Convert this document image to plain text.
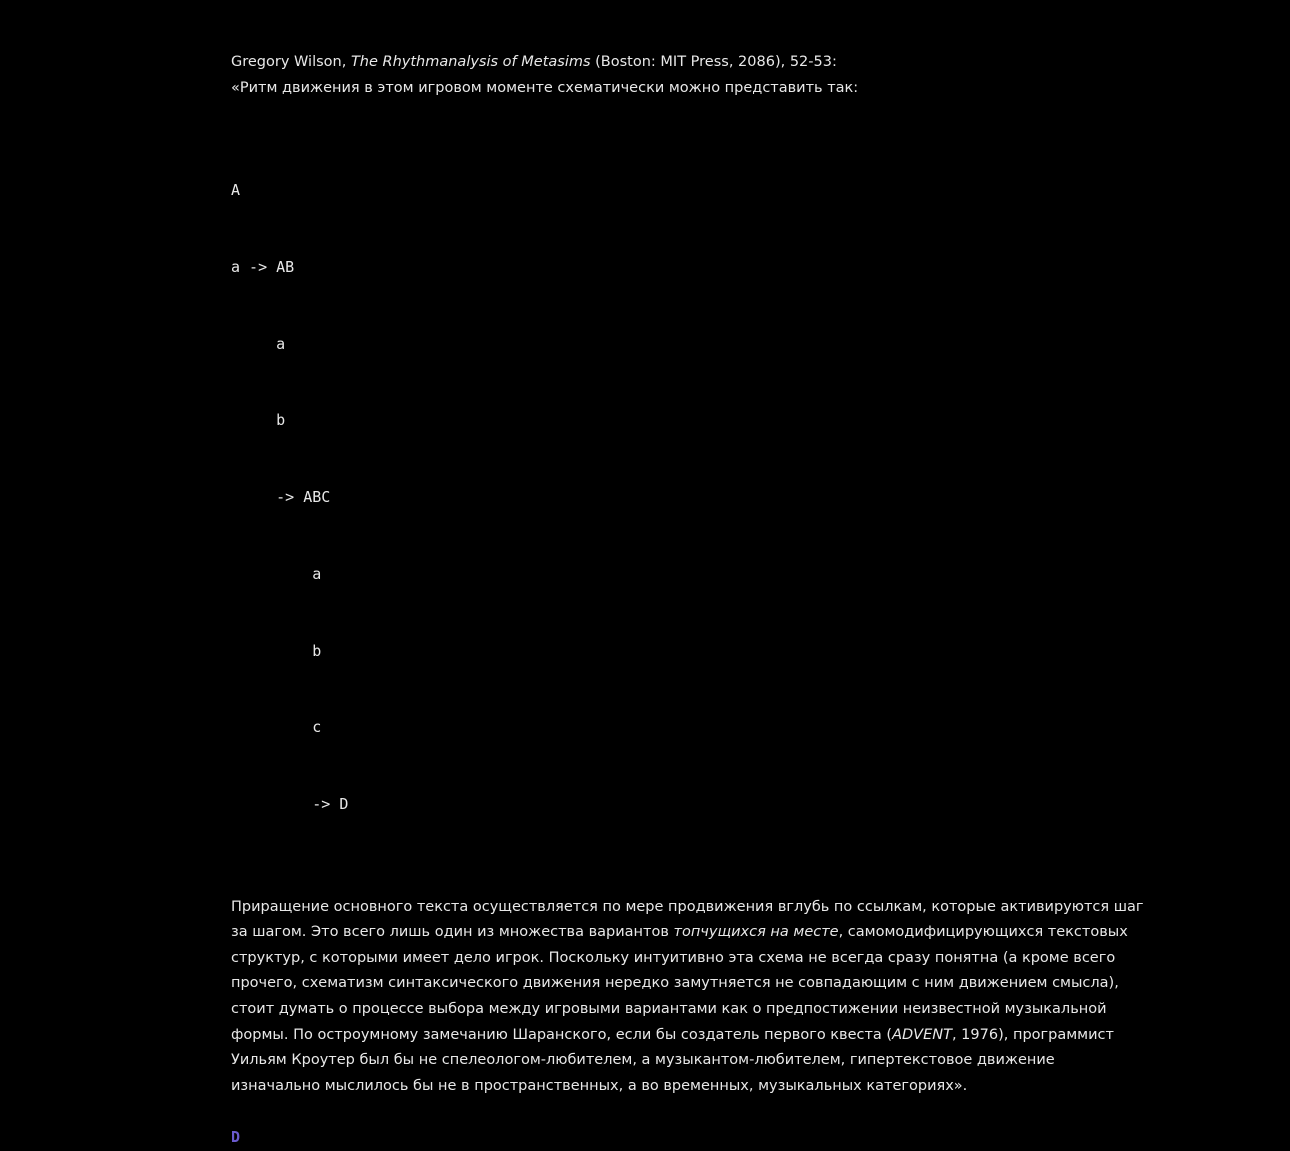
Gregory Wilson, The Rhythmanalysis of Metasims (Boston: MIT Press, 2086), 52-53:
«Ритм движения в этом игровом моменте схематически можно представить так:

A

a -> AB

a

b

-> ABC

a

b

c

-> D

Приращение основного текста осуществляется по мере продвижения вглубь по ссылкам, которые активируются шаг
за шагом. Это всего лишь один из множества вариантов топчущихся на месте, самомодифицирующихся текстовых
структур, с которыми имеет дело игрок. Поскольку интуитивно эта схема не всегда сразу понятна (а кроме всего
прочего, схематизм синтаксического движения нередко замутняется не совпадающим с ним движением смысла),
стоит думать о процессе выбора между игровыми вариантами как о предпостижении неизвестной музыкальной
формы. По остроумному замечанию Шаранского, если бы создатель первого квеста (ADVENT, 1976), программист
Уильям Кроутер был бы не спелеологом-любителем, а музыкантом-любителем, гипертекстовое движение
изначально мыслилось бы не в пространственных, а во временных, музыкальных категориях».
D
